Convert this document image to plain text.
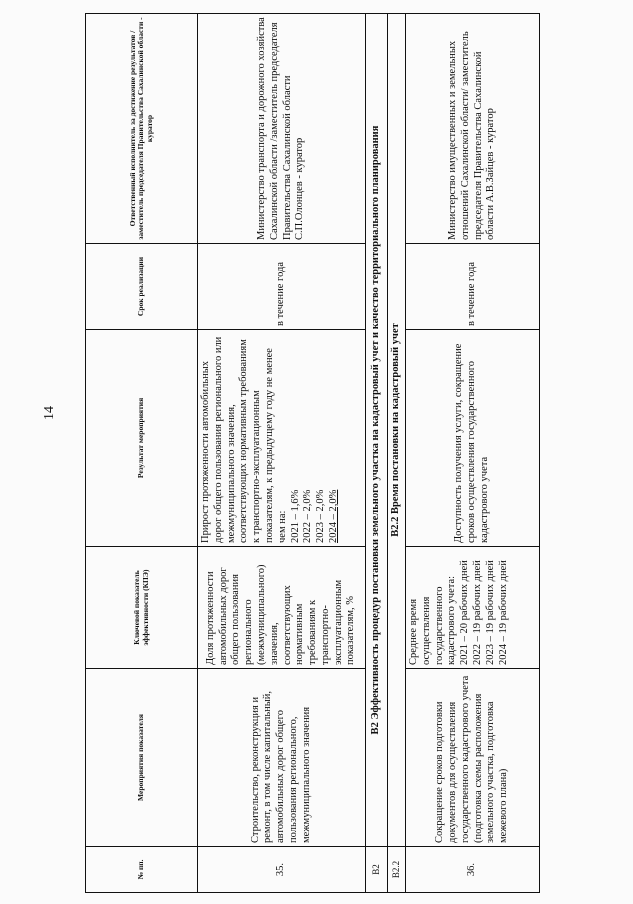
14
№ пп.	Мероприятия показателя	Ключевой показатель эффективности (КПЭ)	Результат мероприятия	Срок реализации	Ответственный исполнитель за достижение результатов / заместитель председателя Правительства Сахалинской области - куратор
35.	Строительство, реконструкция и ремонт, в том числе капитальный, автомобильных дорог общего пользования регионального, межмуниципального значения	Доля протяженности автомобильных дорог общего пользования регионального (межмуниципального) значения, соответствующих нормативным требованиям к транспортно-эксплуатационным показателям, %	Прирост протяженности автомобильных дорог общего пользования регионального или межмуниципального значения, соответствующих нормативным требованиям к транспортно-эксплуатационным показателям, к предыдущему году не менее чем на: 2021 – 1,6% 2022 – 2,0% 2023 – 2,0% 2024 – 2,0%	в течение года	Министерство транспорта и дорожного хозяйства Сахалинской области /заместитель председателя Правительства Сахалинской области С.П.Олонцев - куратор
В2	В2 Эффективность процедур постановки земельного участка на кадастровый учет и качество территориального планирования				
В2.2	В2.2 Время постановки на кадастровый учет				
36.	Сокращение сроков подготовки документов для осуществления государственного кадастрового учета (подготовка схемы расположения земельного участка, подготовка межевого плана)	Среднее время осуществления государственного кадастрового учета: 2021 – 20 рабочих дней 2022 – 19 рабочих дней 2023 – 19 рабочих дней 2024 – 19 рабочих дней	Доступность получения услуги, сокращение сроков осуществления государственного кадастрового учета	в течение года	Министерство имущественных и земельных отношений Сахалинской области/ заместитель председателя Правительства Сахалинской области А.В.Зайцев - куратор
